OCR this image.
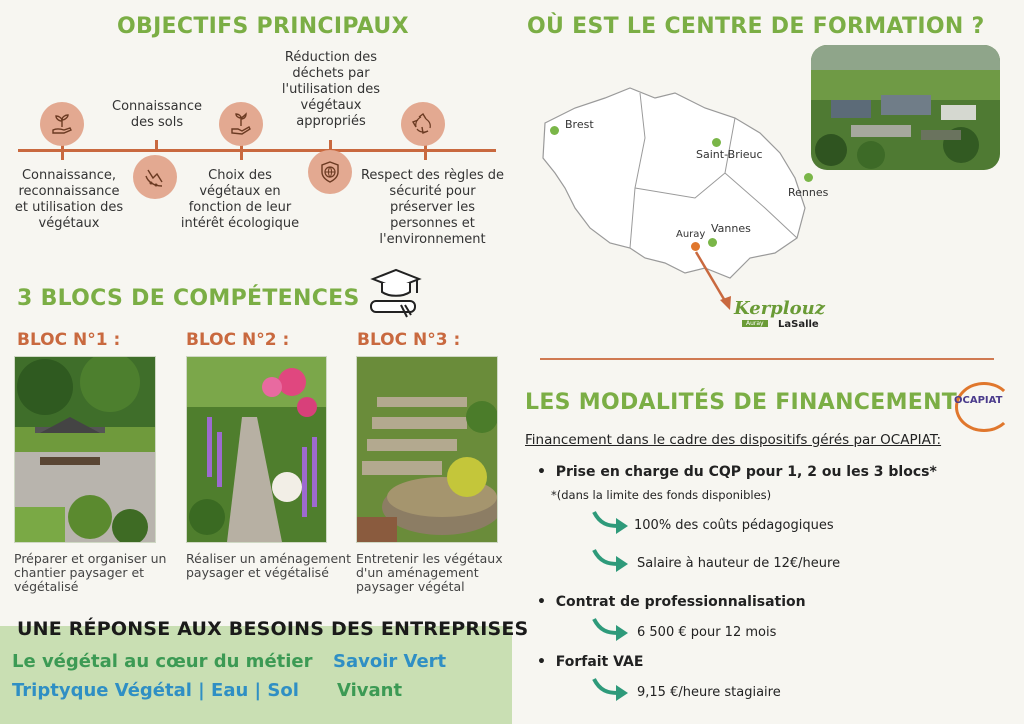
OBJECTIFS PRINCIPAUX
Connaissance, reconnaissance et utilisation des végétaux
Connaissance des sols
Choix des végétaux en fonction de leur intérêt écologique
Réduction des déchets par l'utilisation des végétaux appropriés
Respect des règles de sécurité pour préserver les personnes et l'environnement
3 BLOCS DE COMPÉTENCES
BLOC N°1 :
Préparer et organiser un chantier paysager et végétalisé
BLOC N°2 :
Réaliser un aménagement paysager et végétalisé
BLOC N°3 :
Entretenir les végétaux d'un aménagement paysager végétal
UNE RÉPONSE AUX BESOINS DES ENTREPRISES
Le végétal au cœur du métier Savoir Vert
Triptyque Végétal | Eau | Sol Vivant
OÙ EST LE CENTRE DE FORMATION ?
Brest
Saint-Brieuc
Rennes
Vannes
Auray
Kerplouz
Auray	LaSalle
LES MODALITÉS DE FINANCEMENT
OCAPIAT
Financement dans le cadre des dispositifs gérés par OCAPIAT:
•  Prise en charge du CQP pour 1, 2 ou les 3 blocs*
*(dans la limite des fonds disponibles)
100% des coûts pédagogiques
Salaire à hauteur de 12€/heure
•  Contrat de professionnalisation
6 500 € pour 12 mois
•  Forfait VAE
9,15 €/heure stagiaire
